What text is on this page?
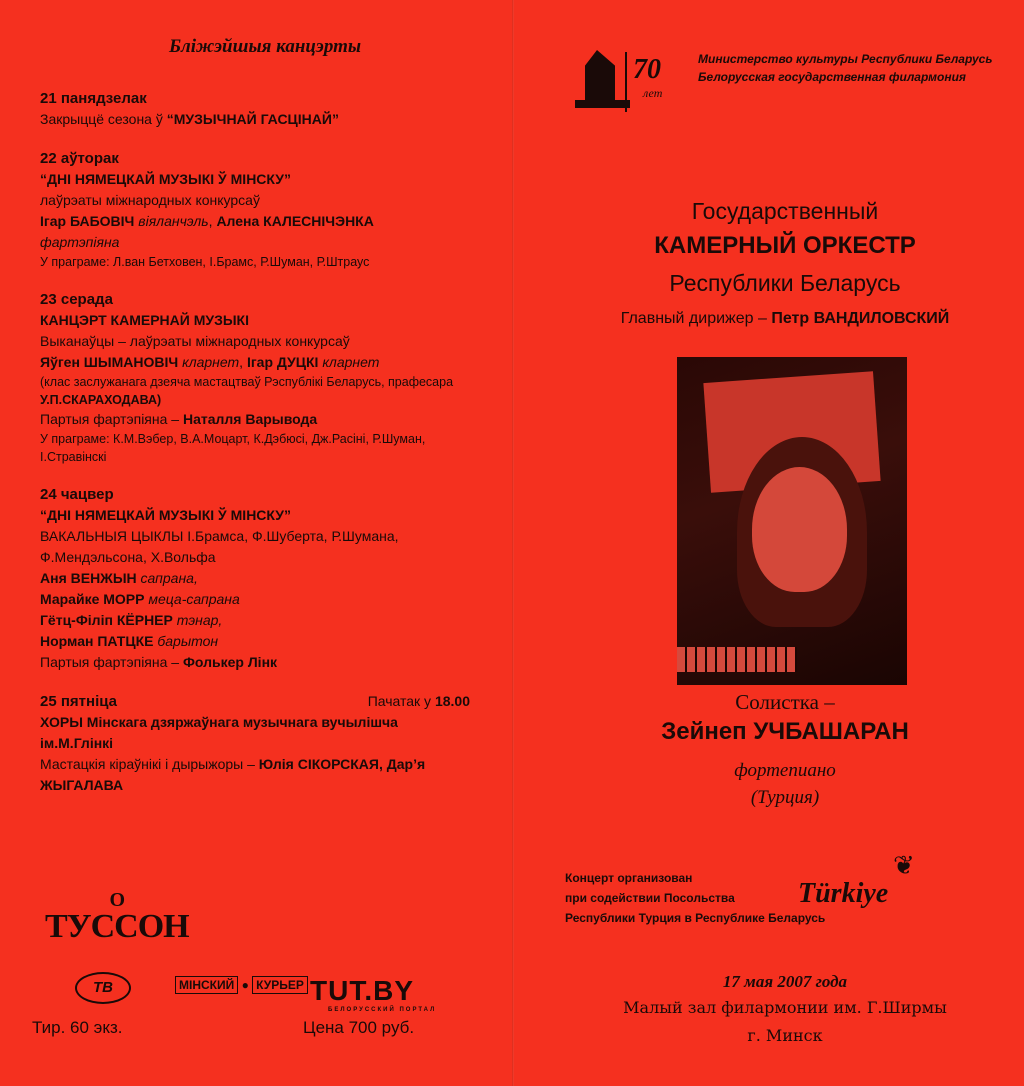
Бліжэйшыя канцэрты
21 панядзелак
Закрыццё сезона ў “МУЗЫЧНАЙ ГАСЦІНАЙ”
22 аўторак
“ДНІ НЯМЕЦКАЙ МУЗЫКІ Ў МІНСКУ”
лаўрэаты міжнародных конкурсаў
Ігар БАБОВІЧ віяланчэль, Алена КАЛЕСНІЧЭНКА
фартэпіяна
У праграме: Л.ван Бетховен, І.Брамс, Р.Шуман, Р.Штраус
23 серада
КАНЦЭРТ КАМЕРНАЙ МУЗЫКІ
Выканаўцы – лаўрэаты міжнародных конкурсаў
Яўген ШЫМАНОВІЧ кларнет, Ігар ДУЦКІ кларнет
(клас заслужанага дзеяча мастацтваў Рэспублікі Беларусь, прафесара У.П.СКАРАХОДАВА)
Партыя фартэпіяна – Наталля Варывода
У праграме: К.М.Вэбер, В.А.Моцарт, К.Дэбюсі, Дж.Расіні, Р.Шуман, І.Стравінскі
24 чацвер
“ДНІ НЯМЕЦКАЙ МУЗЫКІ Ў МІНСКУ”
ВАКАЛЬНЫЯ ЦЫКЛЫ І.Брамса, Ф.Шуберта, Р.Шумана, Ф.Мендэльсона, Х.Вольфа
Аня ВЕНЖЫН сапрана,
Марайке МОРР меца-сапрана
Гётц-Філіп КЁРНЕР тэнар,
Норман ПАТЦКЕ барытон
Партыя фартэпіяна – Фолькер Лінк
25 пятніца	Пачатак у 18.00
ХОРЫ Мінскага дзяржаўнага музычнага вучылішча ім.М.Глінкі
Мастацкія кіраўнікі і дырыжоры – Юлія СІКОРСКАЯ, Дар’я ЖЫГАЛАВА
O
ТУССОН
ТВ	МІНСКИЙ ● КУРЬЕР TUT.BY
БЕЛОРУССКИЙ ПОРТАЛ
Тир. 60 экз.	Цена 700 руб.
70
лет
Министерство культуры Республики Беларусь
Белорусская государственная филармония
Государственный
КАМЕРНЫЙ ОРКЕСТР
Республики Беларусь
Главный дирижер – Петр ВАНДИЛОВСКИЙ
Солистка –
Зейнеп УЧБАШАРАН
фортепиано
(Турция)
Концерт организован
при содействии Посольства
Республики Турция в Республике Беларусь
❦
Türkiye
17 мая 2007 года
Малый зал филармонии им. Г.Ширмы
г. Минск
